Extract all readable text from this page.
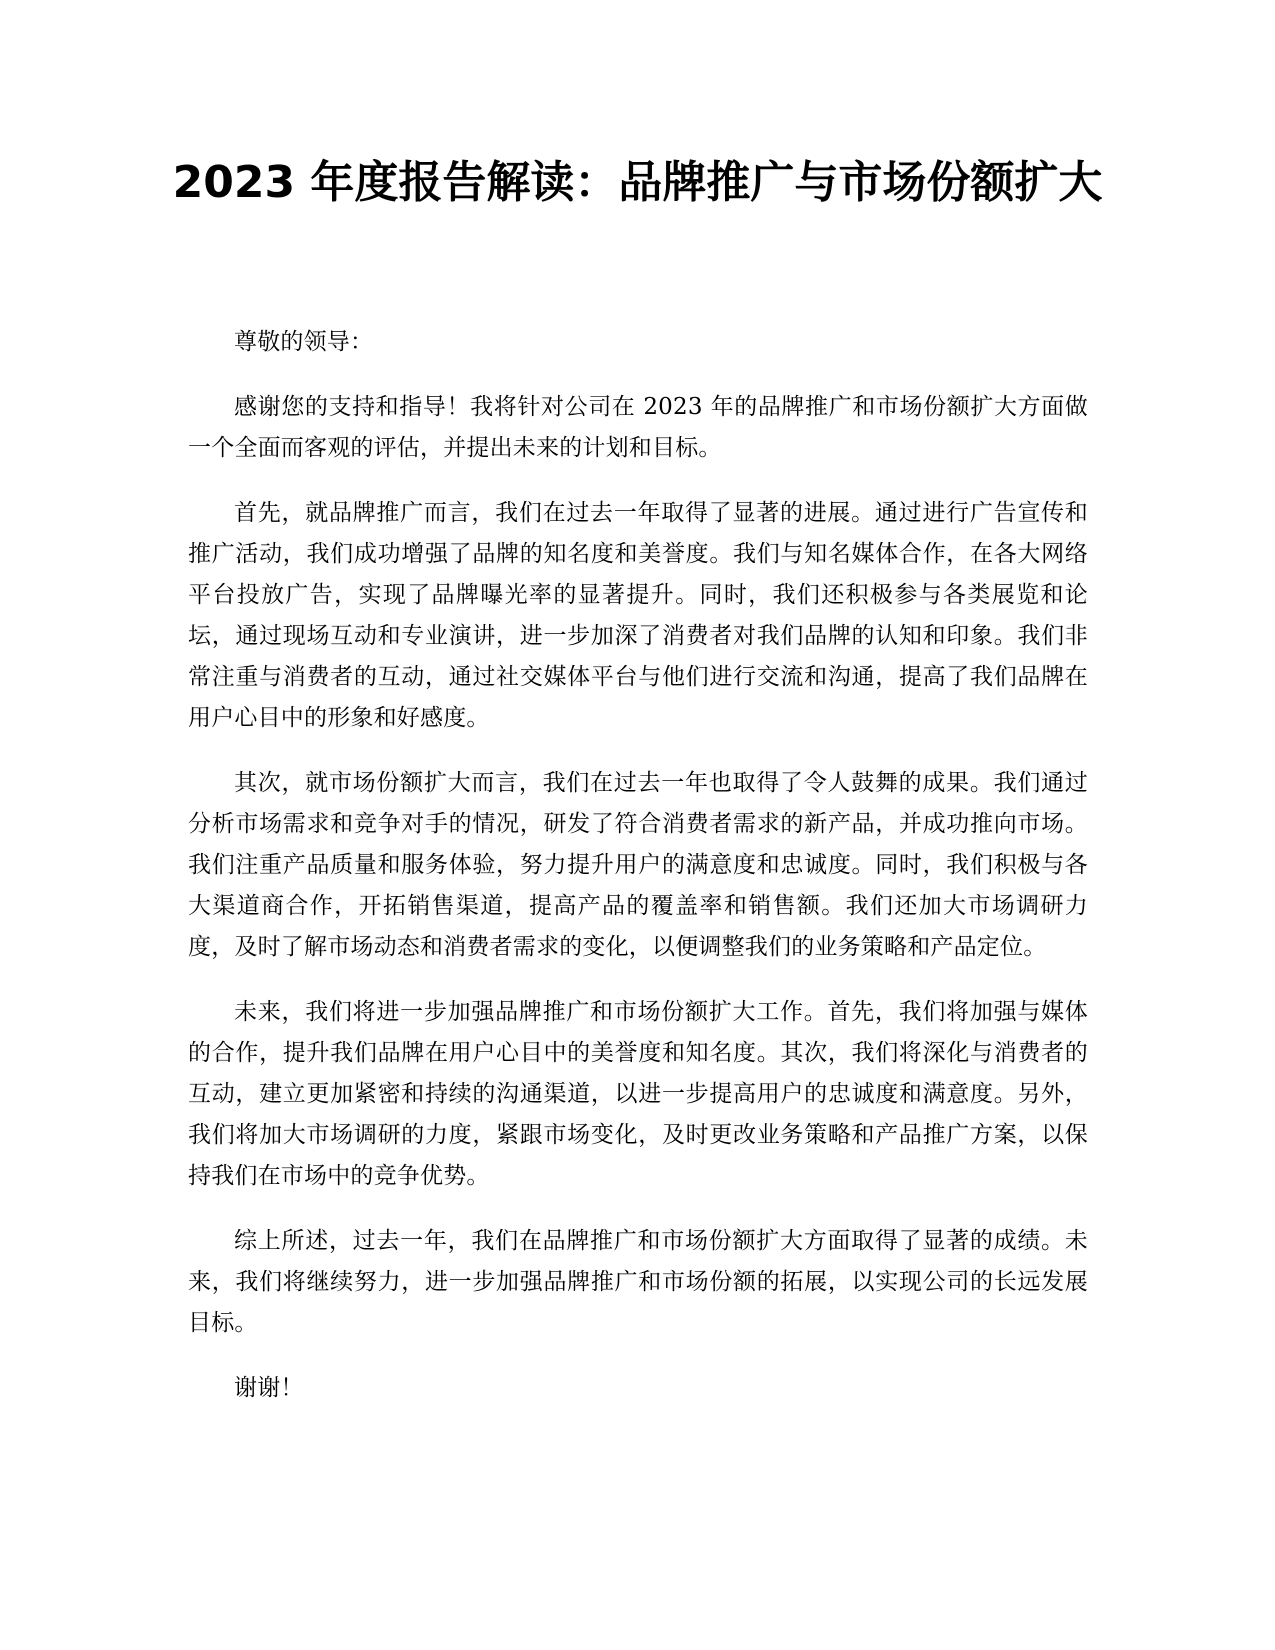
2023 年度报告解读：品牌推广与市场份额扩大

尊敬的领导：

感谢您的支持和指导！我将针对公司在 2023 年的品牌推广和市场份额扩大方面做一个全面而客观的评估，并提出未来的计划和目标。

首先，就品牌推广而言，我们在过去一年取得了显著的进展。通过进行广告宣传和推广活动，我们成功增强了品牌的知名度和美誉度。我们与知名媒体合作，在各大网络平台投放广告，实现了品牌曝光率的显著提升。同时，我们还积极参与各类展览和论坛，通过现场互动和专业演讲，进一步加深了消费者对我们品牌的认知和印象。我们非常注重与消费者的互动，通过社交媒体平台与他们进行交流和沟通，提高了我们品牌在用户心目中的形象和好感度。

其次，就市场份额扩大而言，我们在过去一年也取得了令人鼓舞的成果。我们通过分析市场需求和竞争对手的情况，研发了符合消费者需求的新产品，并成功推向市场。我们注重产品质量和服务体验，努力提升用户的满意度和忠诚度。同时，我们积极与各大渠道商合作，开拓销售渠道，提高产品的覆盖率和销售额。我们还加大市场调研力度，及时了解市场动态和消费者需求的变化，以便调整我们的业务策略和产品定位。

未来，我们将进一步加强品牌推广和市场份额扩大工作。首先，我们将加强与媒体的合作，提升我们品牌在用户心目中的美誉度和知名度。其次，我们将深化与消费者的互动，建立更加紧密和持续的沟通渠道，以进一步提高用户的忠诚度和满意度。另外，我们将加大市场调研的力度，紧跟市场变化，及时更改业务策略和产品推广方案，以保持我们在市场中的竞争优势。

综上所述，过去一年，我们在品牌推广和市场份额扩大方面取得了显著的成绩。未来，我们将继续努力，进一步加强品牌推广和市场份额的拓展，以实现公司的长远发展目标。

谢谢！
